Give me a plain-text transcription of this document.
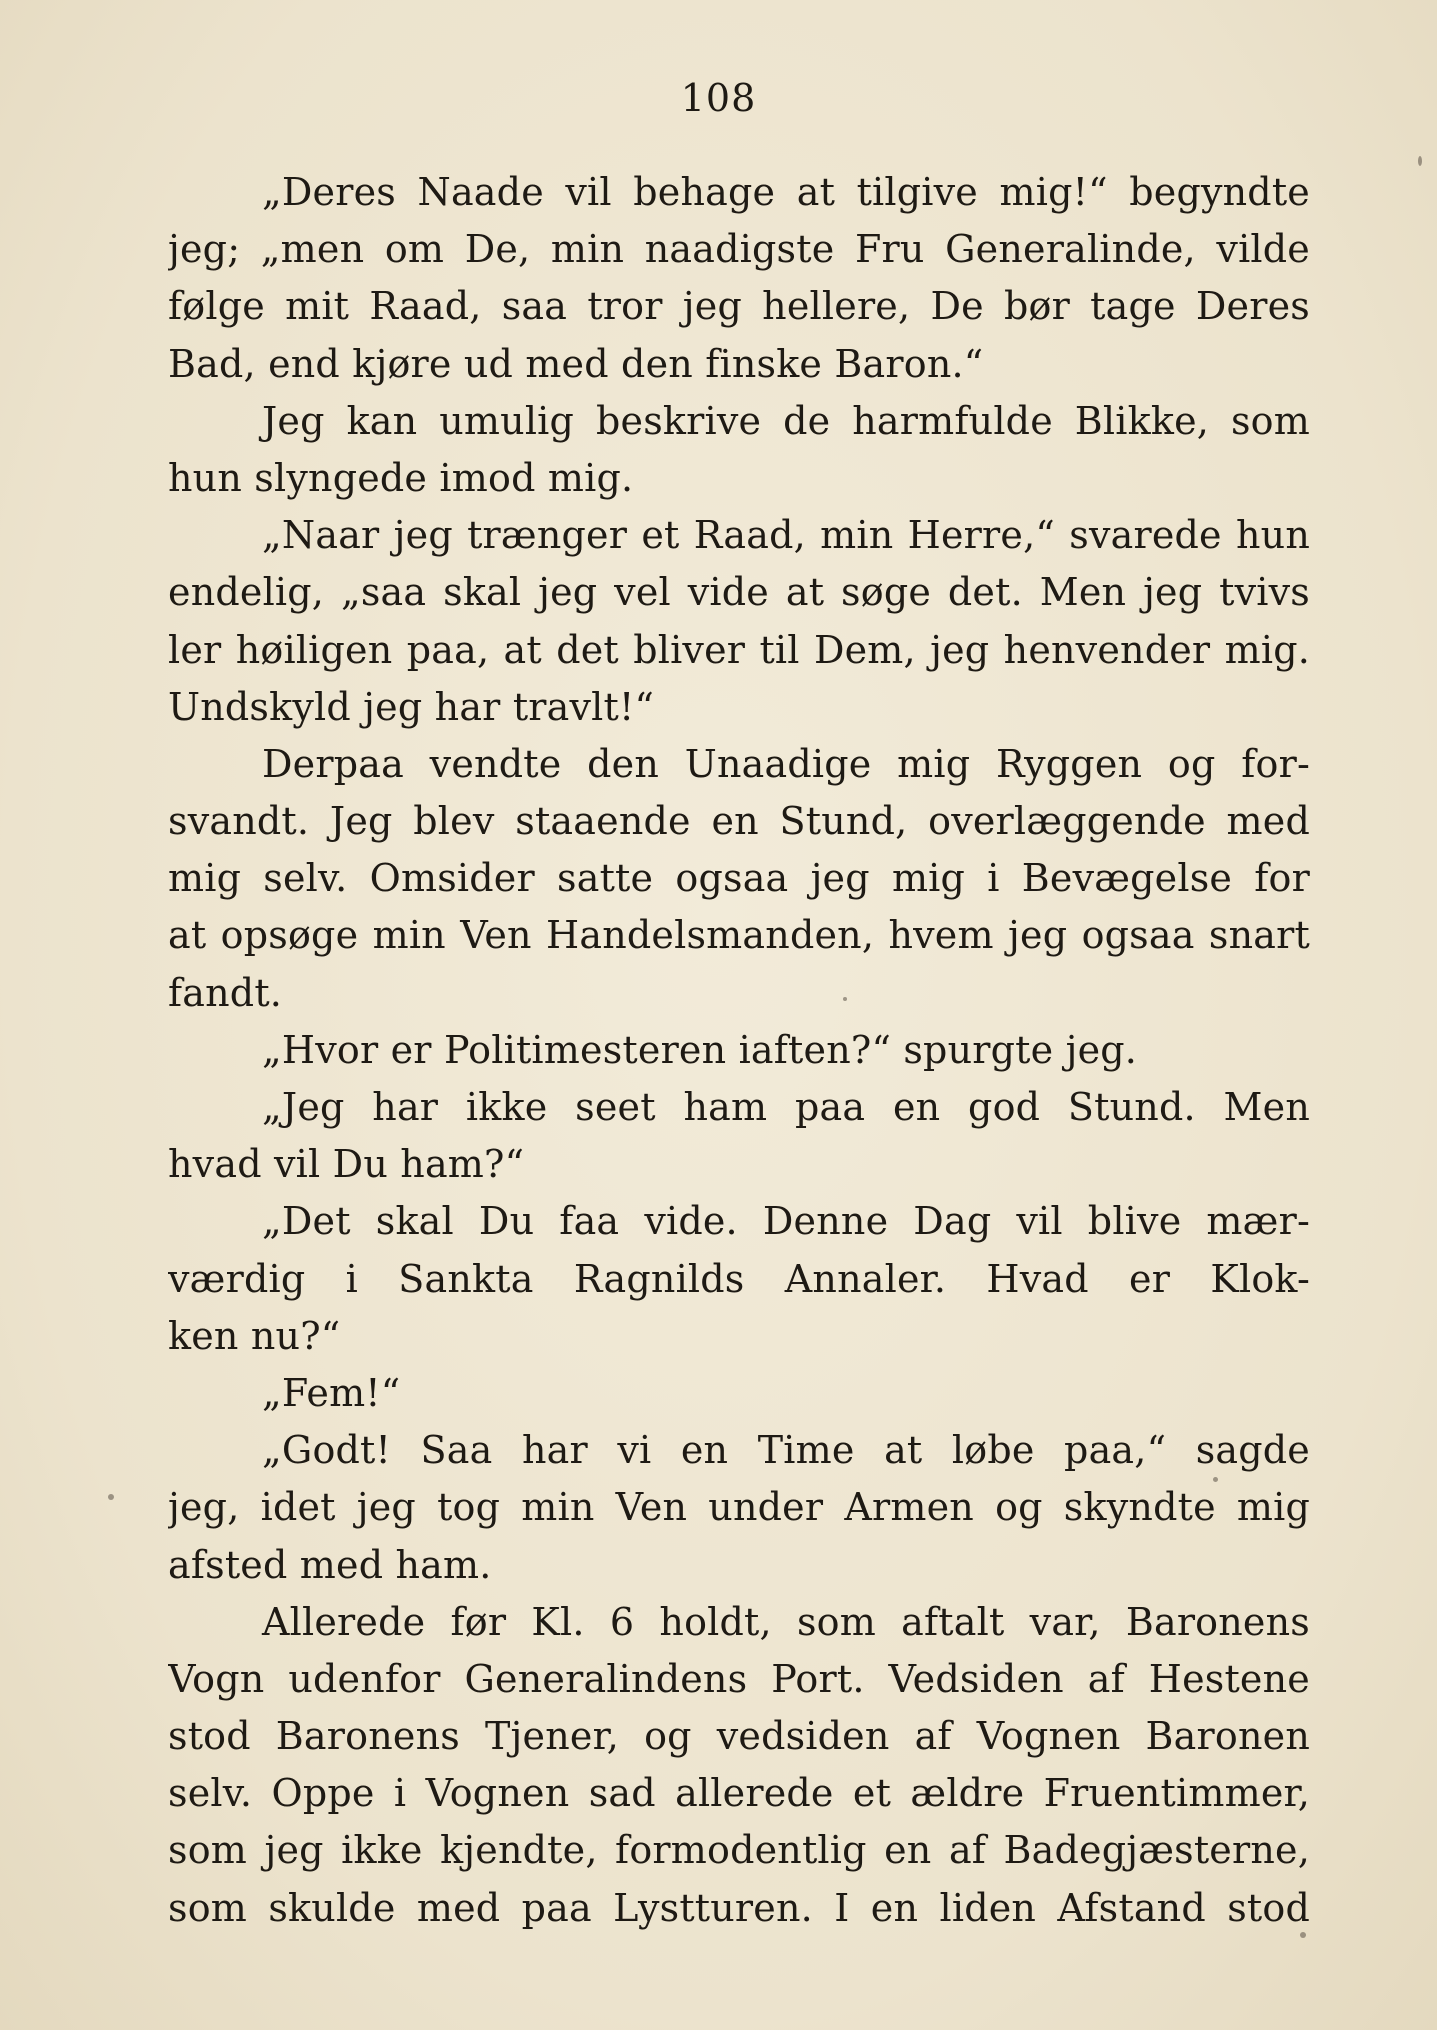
108
„Deres Naade vil behage at tilgive mig!“ begyndte
jeg; „men om De, min naadigste Fru Generalinde, vilde
følge mit Raad, saa tror jeg hellere, De bør tage Deres
Bad, end kjøre ud med den finske Baron.“
Jeg kan umulig beskrive de harmfulde Blikke, som
hun slyngede imod mig.
„Naar jeg trænger et Raad, min Herre,“ svarede hun
endelig, „saa skal jeg vel vide at søge det. Men jeg tvivs
ler høiligen paa, at det bliver til Dem, jeg henvender mig.
Undskyld jeg har travlt!“
Derpaa vendte den Unaadige mig Ryggen og for-
svandt. Jeg blev staaende en Stund, overlæggende med
mig selv. Omsider satte ogsaa jeg mig i Bevægelse for
at opsøge min Ven Handelsmanden, hvem jeg ogsaa snart
fandt.
„Hvor er Politimesteren iaften?“ spurgte jeg.
„Jeg har ikke seet ham paa en god Stund. Men
hvad vil Du ham?“
„Det skal Du faa vide. Denne Dag vil blive mær-
værdig i Sankta Ragnilds Annaler. Hvad er Klok-
ken nu?“
„Fem!“
„Godt! Saa har vi en Time at løbe paa,“ sagde
jeg, idet jeg tog min Ven under Armen og skyndte mig
afsted med ham.
Allerede før Kl. 6 holdt, som aftalt var, Baronens
Vogn udenfor Generalindens Port. Vedsiden af Hestene
stod Baronens Tjener, og vedsiden af Vognen Baronen
selv. Oppe i Vognen sad allerede et ældre Fruentimmer,
som jeg ikke kjendte, formodentlig en af Badegjæsterne,
som skulde med paa Lystturen. I en liden Afstand stod
